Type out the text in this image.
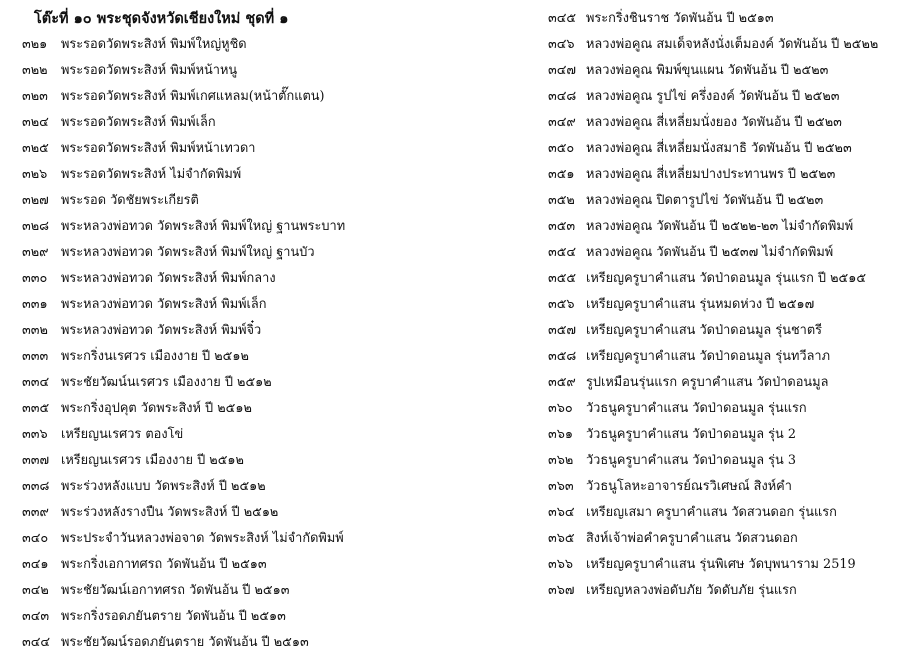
โต๊ะที่ ๑๐ พระชุดจังหวัดเชียงใหม่ ชุดที่ ๑
๓๒๑	พระรอดวัดพระสิงห์ พิมพ์ใหญ่หูชิด
๓๒๒	พระรอดวัดพระสิงห์ พิมพ์หน้าหนู
๓๒๓	พระรอดวัดพระสิงห์ พิมพ์เกศแหลม(หน้าตั๊กแตน)
๓๒๔ พระรอดวัดพระสิงห์ พิมพ์เล็ก
๓๒๕ พระรอดวัดพระสิงห์ พิมพ์หน้าเทวดา
๓๒๖	พระรอดวัดพระสิงห์ ไม่จำกัดพิมพ์
๓๒๗ พระรอด วัดชัยพระเกียรติ
๓๒๘ พระหลวงพ่อทวด วัดพระสิงห์ พิมพ์ใหญ่ ฐานพระบาท
๓๒๙ พระหลวงพ่อทวด วัดพระสิงห์ พิมพ์ใหญ่ ฐานบัว
๓๓๐	พระหลวงพ่อทวด วัดพระสิงห์ พิมพ์กลาง
๓๓๑	พระหลวงพ่อทวด วัดพระสิงห์ พิมพ์เล็ก
๓๓๒	พระหลวงพ่อทวด วัดพระสิงห์ พิมพ์จิ๋ว
๓๓๓ พระกริ่งนเรศวร เมืองงาย ปี ๒๕๑๒
๓๓๔ พระชัยวัฒน์นเรศวร เมืองงาย ปี ๒๕๑๒
๓๓๕ พระกริ่งอุปคุต วัดพระสิงห์ ปี ๒๕๑๒
๓๓๖	เหรียญนเรศวร ตองโข่
๓๓๗ เหรียญนเรศวร เมืองงาย ปี ๒๕๑๒
๓๓๘ พระร่วงหลังแบบ วัดพระสิงห์ ปี ๒๕๑๒
๓๓๙ พระร่วงหลังรางปืน วัดพระสิงห์ ปี ๒๕๑๒
๓๔๐ พระประจำวันหลวงพ่อจาด วัดพระสิงห์ ไม่จำกัดพิมพ์
๓๔๑ พระกริ่งเอกาทศรถ วัดพันอ้น ปี ๒๕๑๓
๓๔๒ พระชัยวัฒน์เอกาทศรถ วัดพันอ้น ปี ๒๕๑๓
๓๔๓ พระกริ่งรอดภยันตราย วัดพันอ้น ปี ๒๕๑๓
๓๔๔ พระชัยวัฒน์รอดภยันตราย วัดพันอ้น ปี ๒๕๑๓
๓๔๕ พระกริ่งชินราช วัดพันอ้น ปี ๒๕๑๓
๓๔๖ หลวงพ่อคูณ สมเด็จหลังนั่งเต็มองค์ วัดพันอ้น ปี ๒๕๒๒
๓๔๗ หลวงพ่อคูณ พิมพ์ขุนแผน วัดพันอ้น ปี ๒๕๒๓
๓๔๘ หลวงพ่อคูณ รูปไข่ ครึ่งองค์ วัดพันอ้น ปี ๒๕๒๓
๓๔๙ หลวงพ่อคูณ สี่เหลี่ยมนั่งยอง วัดพันอ้น ปี ๒๕๒๓
๓๕๐ หลวงพ่อคูณ สี่เหลี่ยมนั่งสมาธิ วัดพันอ้น ปี ๒๕๒๓
๓๕๑ หลวงพ่อคูณ สี่เหลี่ยมปางประทานพร ปี ๒๕๒๓
๓๕๒ หลวงพ่อคูณ ปิดตารูปไข่ วัดพันอ้น ปี ๒๕๒๓
๓๕๓ หลวงพ่อคูณ วัดพันอ้น ปี ๒๕๒๒-๒๓ ไม่จำกัดพิมพ์
๓๕๔ หลวงพ่อคูณ วัดพันอ้น ปี ๒๕๓๗ ไม่จำกัดพิมพ์
๓๕๕ เหรียญครูบาคำแสน วัดป่าดอนมูล รุ่นแรก ปี ๒๕๑๕
๓๕๖ เหรียญครูบาคำแสน รุ่นหมดห่วง ปี ๒๕๑๗
๓๕๗ เหรียญครูบาคำแสน วัดป่าดอนมูล รุ่นชาตรี
๓๕๘ เหรียญครูบาคำแสน วัดป่าดอนมูล รุ่นทวีลาภ
๓๕๙ รูปเหมือนรุ่นแรก ครูบาคำแสน วัดป่าดอนมูล
๓๖๐	วัวธนูครูบาคำแสน วัดป่าดอนมูล รุ่นแรก
๓๖๑	วัวธนูครูบาคำแสน วัดป่าดอนมูล รุ่น 2
๓๖๒ วัวธนูครูบาคำแสน วัดป่าดอนมูล รุ่น 3
๓๖๓ วัวธนูโลหะอาจารย์ณรวิเศษณ์ สิงห์คำ
๓๖๔ เหรียญเสมา ครูบาคำแสน วัดสวนดอก รุ่นแรก
๓๖๕ สิงห์เจ้าพ่อคำครูบาคำแสน วัดสวนดอก
๓๖๖	เหรียญครูบาคำแสน รุ่นพิเศษ วัดบุพนาราม 2519
๓๖๗ เหรียญหลวงพ่อดับภัย วัดดับภัย รุ่นแรก
